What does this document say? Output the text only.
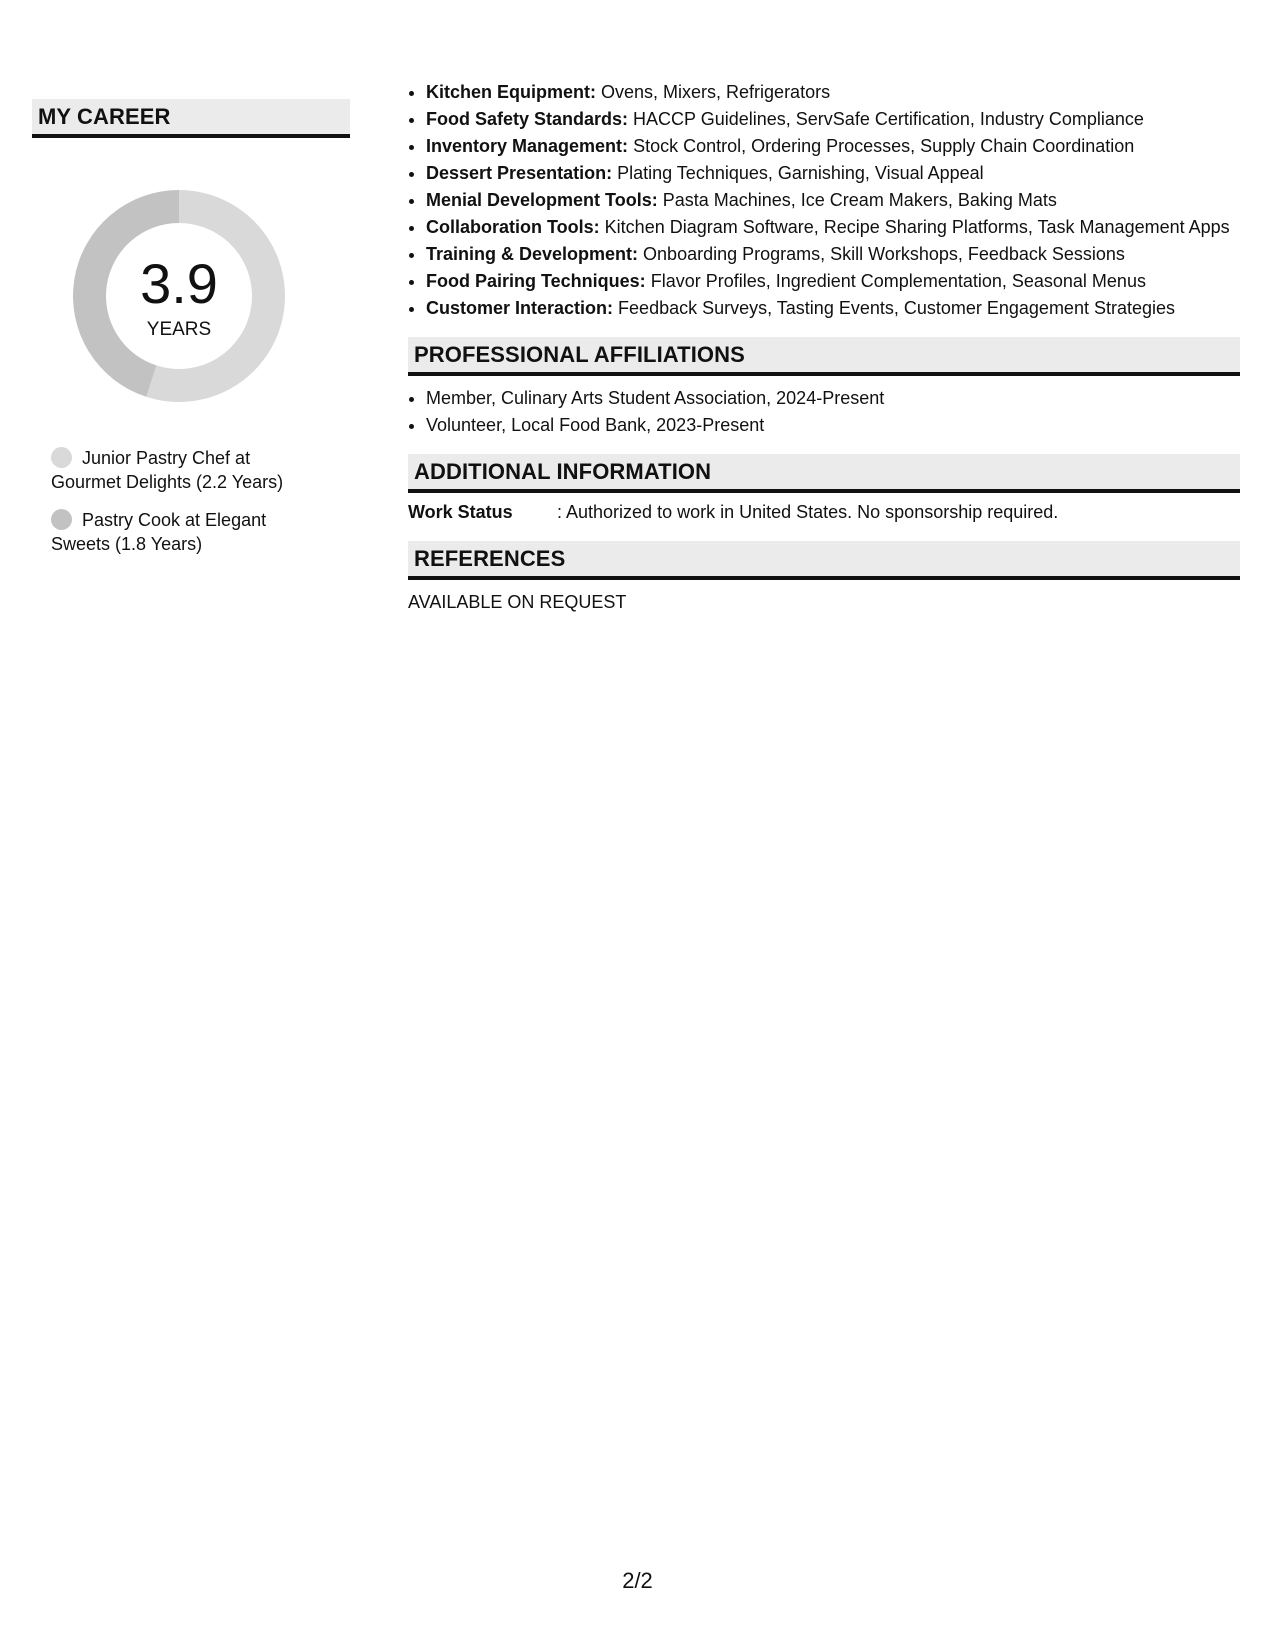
MY CAREER
3.9
YEARS
Junior Pastry Chef at Gourmet Delights (2.2 Years)
Pastry Cook at Elegant Sweets (1.8 Years)
• Kitchen Equipment: Ovens, Mixers, Refrigerators
• Food Safety Standards: HACCP Guidelines, ServSafe Certification, Industry Compliance
• Inventory Management: Stock Control, Ordering Processes, Supply Chain Coordination
• Dessert Presentation: Plating Techniques, Garnishing, Visual Appeal
• Menial Development Tools: Pasta Machines, Ice Cream Makers, Baking Mats
• Collaboration Tools: Kitchen Diagram Software, Recipe Sharing Platforms, Task Management Apps
• Training & Development: Onboarding Programs, Skill Workshops, Feedback Sessions
• Food Pairing Techniques: Flavor Profiles, Ingredient Complementation, Seasonal Menus
• Customer Interaction: Feedback Surveys, Tasting Events, Customer Engagement Strategies
PROFESSIONAL AFFILIATIONS
• Member, Culinary Arts Student Association, 2024-Present
• Volunteer, Local Food Bank, 2023-Present
ADDITIONAL INFORMATION
Work Status	: Authorized to work in United States. No sponsorship required.
REFERENCES
AVAILABLE ON REQUEST
2/2
